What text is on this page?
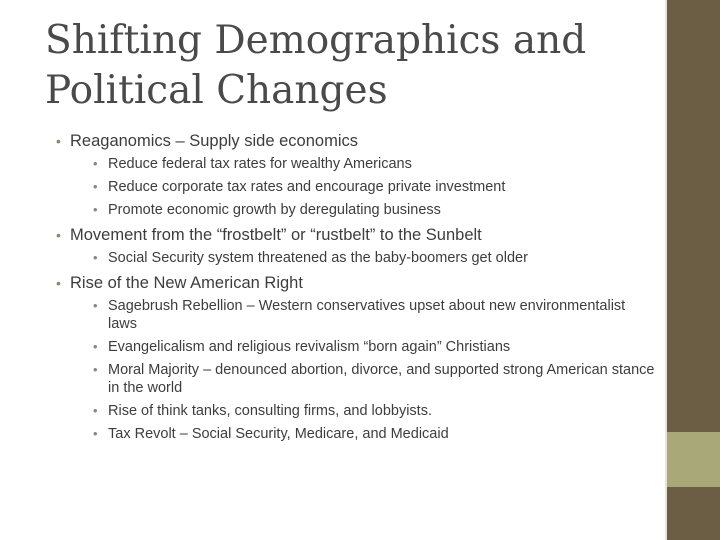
Shifting Demographics and Political Changes
• Reaganomics – Supply side economics
• Reduce federal tax rates for wealthy Americans
• Reduce corporate tax rates and encourage private investment
• Promote economic growth by deregulating business
• Movement from the “frostbelt” or “rustbelt” to the Sunbelt
• Social Security system threatened as the baby-boomers get older
• Rise of the New American Right
• Sagebrush Rebellion – Western conservatives upset about new environmentalist laws
• Evangelicalism and religious revivalism “born again” Christians
• Moral Majority – denounced abortion, divorce, and supported strong American stance in the world
• Rise of think tanks, consulting firms, and lobbyists.
• Tax Revolt – Social Security, Medicare, and Medicaid
